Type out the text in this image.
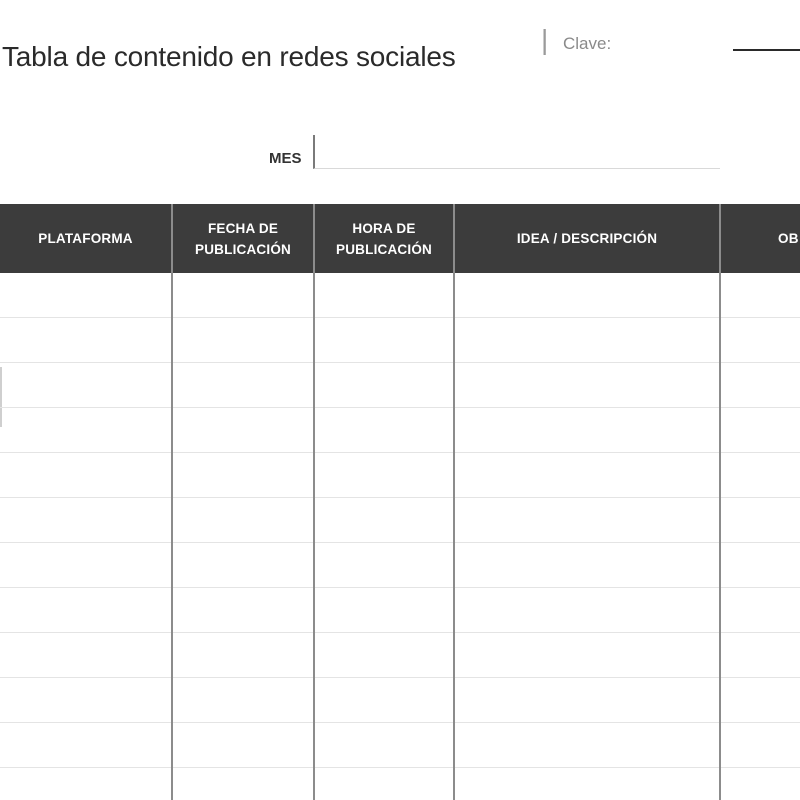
Tabla de contenido en redes sociales
| Clave:
MES
PLATAFORMA
FECHA DE
PUBLICACIÓN
HORA DE
PUBLICACIÓN
IDEA / DESCRIPCIÓN	OB
